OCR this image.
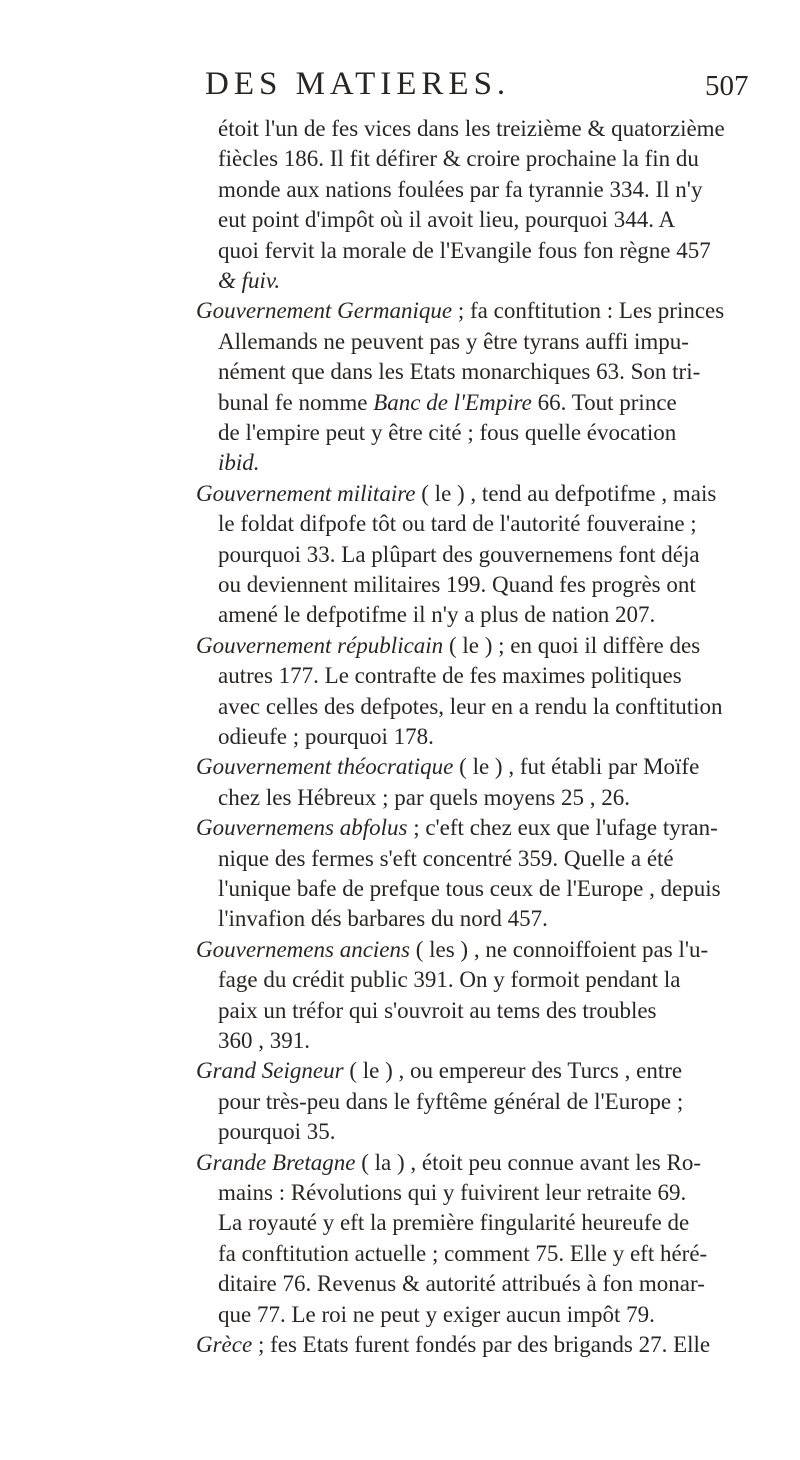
DES MATIERES.	507
étoit l'un de fes vices dans les treizième & quatorzième
fiècles 186. Il fit défirer & croire prochaine la fin du
monde aux nations foulées par fa tyrannie 334. Il n'y
eut point d'impôt où il avoit lieu, pourquoi 344. A
quoi fervit la morale de l'Evangile fous fon règne 457
& fuiv.
Gouvernement Germanique ; fa conftitution : Les princes
Allemands ne peuvent pas y être tyrans auffi impu-
nément que dans les Etats monarchiques 63. Son tri-
bunal fe nomme Banc de l'Empire 66. Tout prince
de l'empire peut y être cité ; fous quelle évocation
ibid.
Gouvernement militaire ( le ) , tend au defpotifme , mais
le foldat difpofe tôt ou tard de l'autorité fouveraine ;
pourquoi 33. La plûpart des gouvernemens font déja
ou deviennent militaires 199. Quand fes progrès ont
amené le defpotifme il n'y a plus de nation 207.
Gouvernement républicain ( le ) ; en quoi il diffère des
autres 177. Le contrafte de fes maximes politiques
avec celles des defpotes, leur en a rendu la conftitution
odieufe ; pourquoi 178.
Gouvernement théocratique ( le ) , fut établi par Moïfe
chez les Hébreux ; par quels moyens 25 , 26.
Gouvernemens abfolus ; c'eft chez eux que l'ufage tyran-
nique des fermes s'eft concentré 359. Quelle a été
l'unique bafe de prefque tous ceux de l'Europe , depuis
l'invafion dés barbares du nord 457.
Gouvernemens anciens ( les ) , ne connoiffoient pas l'u-
fage du crédit public 391. On y formoit pendant la
paix un tréfor qui s'ouvroit au tems des troubles
360 , 391.
Grand Seigneur ( le ) , ou empereur des Turcs , entre
pour très-peu dans le fyftême général de l'Europe ;
pourquoi 35.
Grande Bretagne ( la ) , étoit peu connue avant les Ro-
mains : Révolutions qui y fuivirent leur retraite 69.
La royauté y eft la première fingularité heureufe de
fa conftitution actuelle ; comment 75. Elle y eft héré-
ditaire 76. Revenus & autorité attribués à fon monar-
que 77. Le roi ne peut y exiger aucun impôt 79.
Grèce ; fes Etats furent fondés par des brigands 27. Elle
